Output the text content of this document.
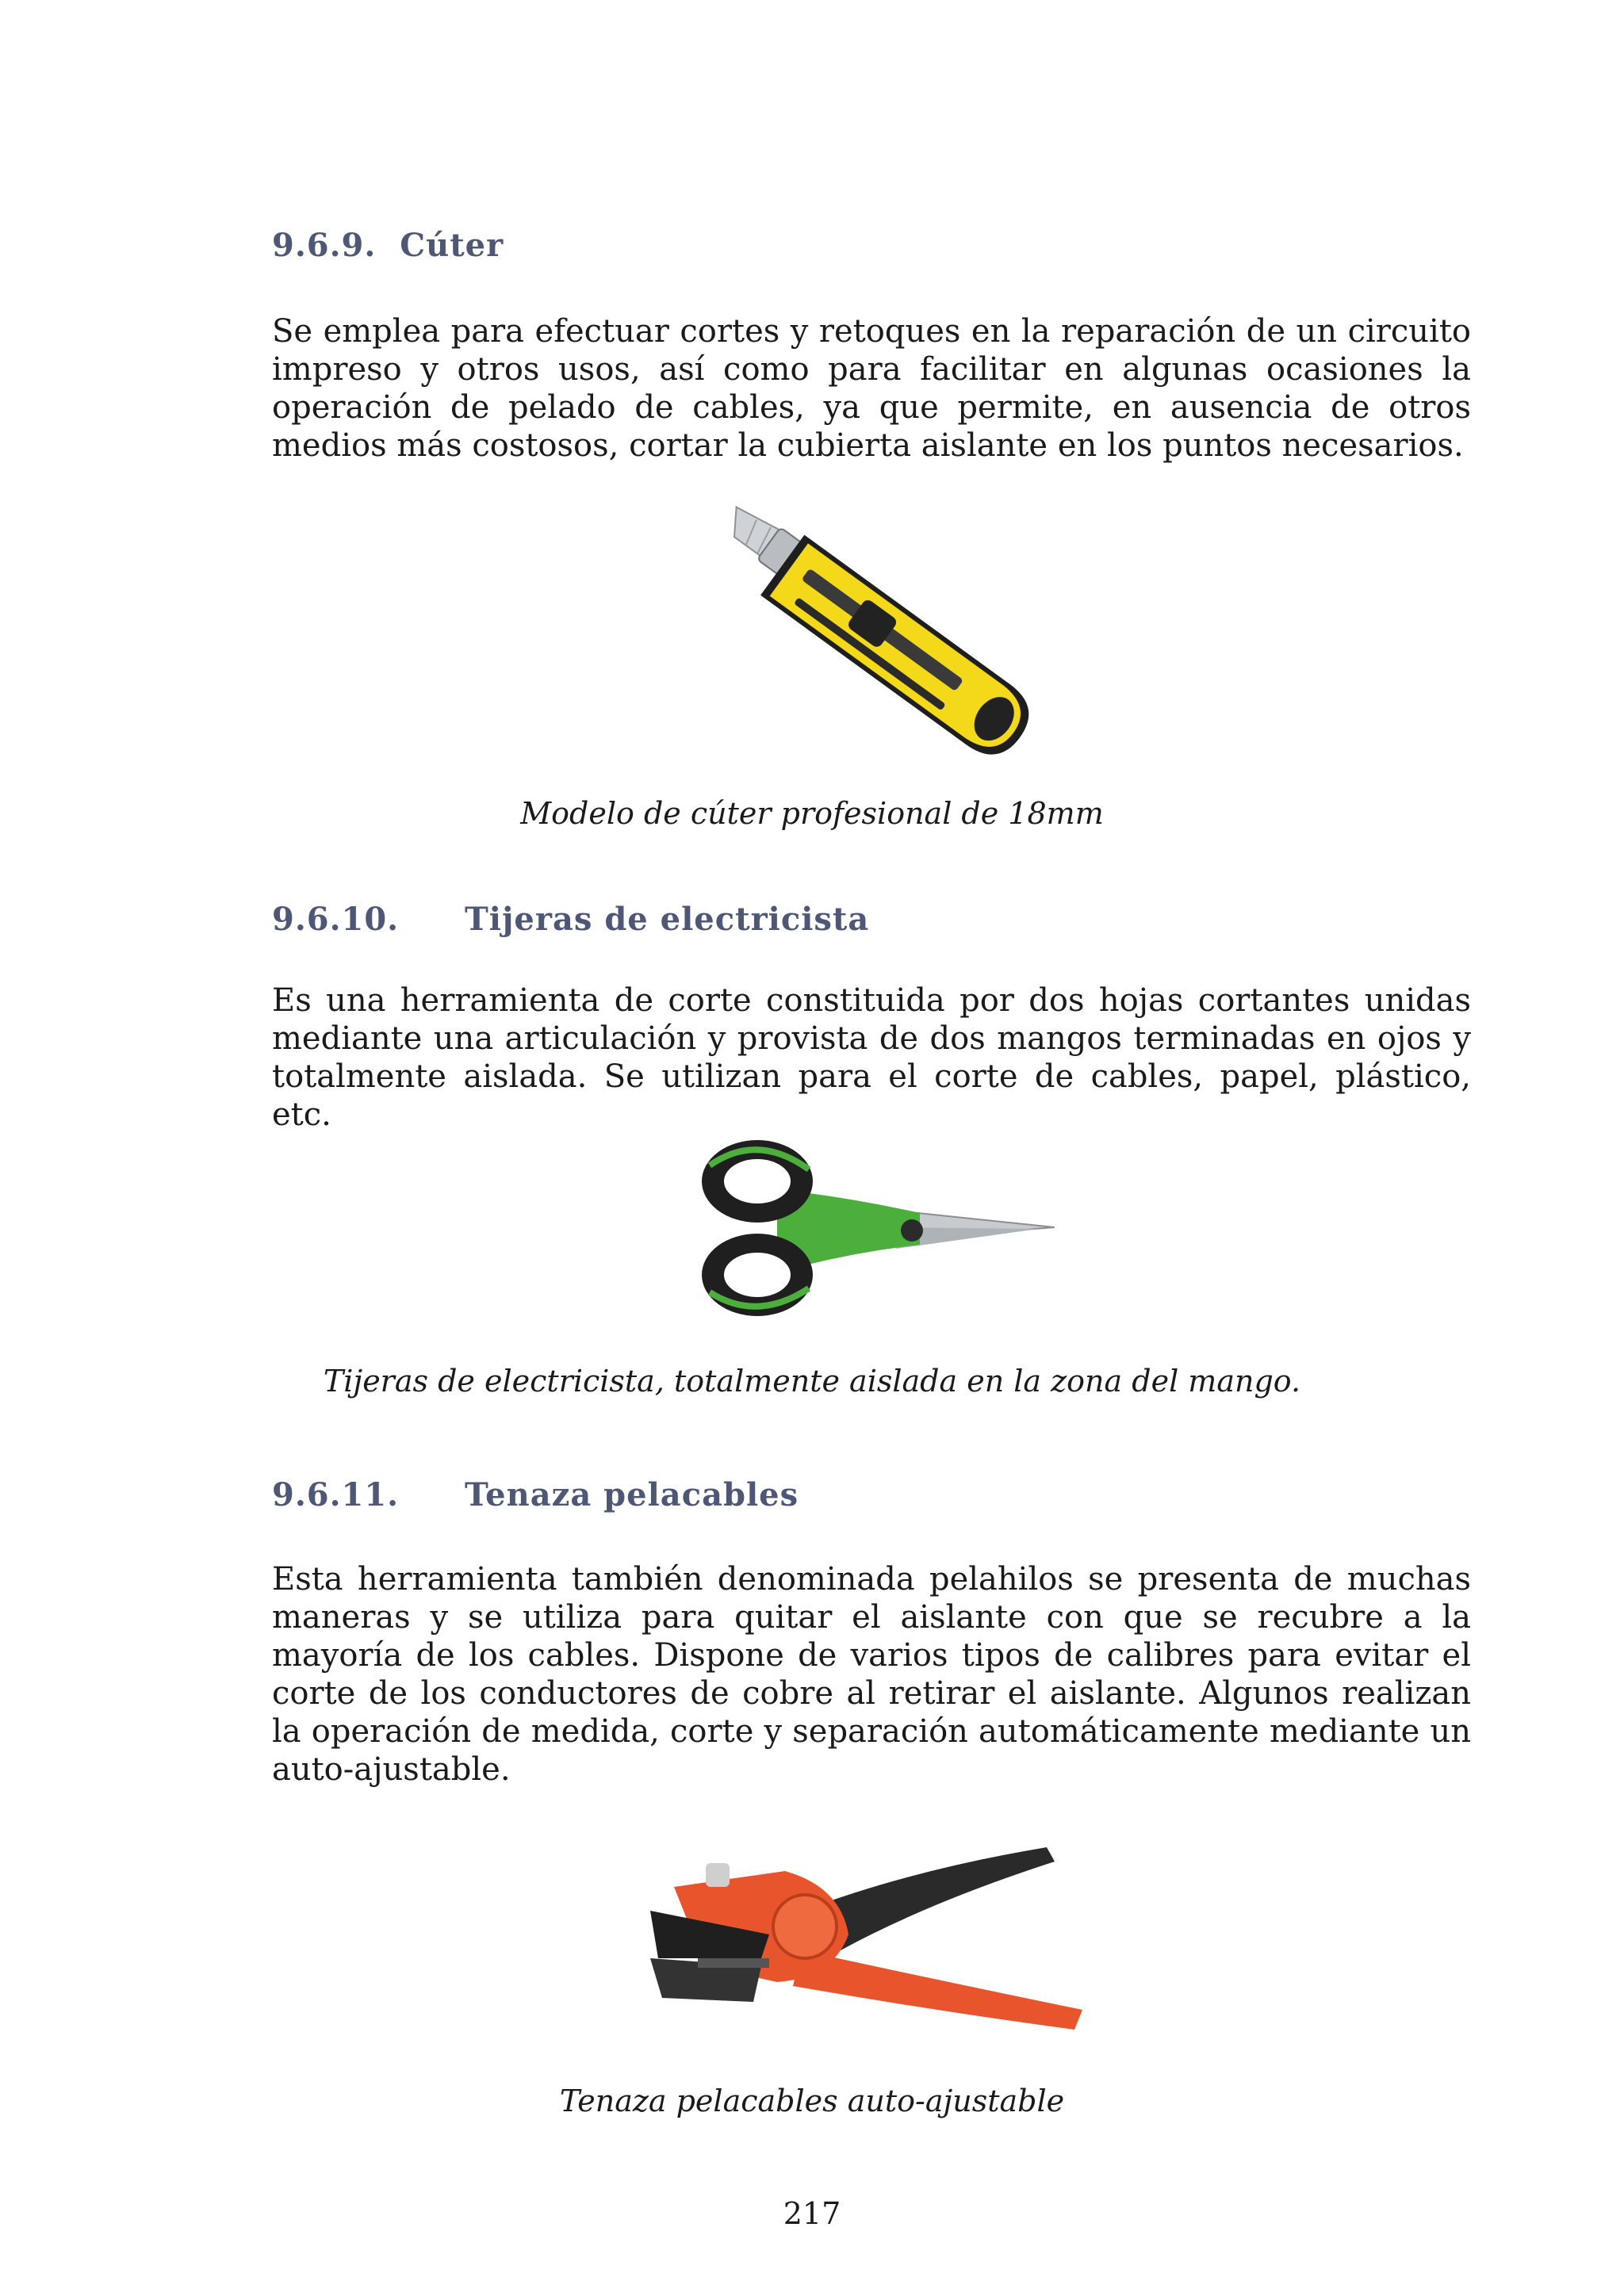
9.6.9. Cúter

Se emplea para efectuar cortes y retoques en la reparación de un circuito impreso y otros usos, así como para facilitar en algunas ocasiones la operación de pelado de cables, ya que permite, en ausencia de otros medios más costosos, cortar la cubierta aislante en los puntos necesarios.

Modelo de cúter profesional de 18mm

9.6.10. Tijeras de electricista

Es una herramienta de corte constituida por dos hojas cortantes unidas mediante una articulación y provista de dos mangos terminadas en ojos y totalmente aislada. Se utilizan para el corte de cables, papel, plástico, etc.

Tijeras de electricista, totalmente aislada en la zona del mango.

9.6.11. Tenaza pelacables

Esta herramienta también denominada pelahilos se presenta de muchas maneras y se utiliza para quitar el aislante con que se recubre a la mayoría de los cables. Dispone de varios tipos de calibres para evitar el corte de los conductores de cobre al retirar el aislante. Algunos realizan la operación de medida, corte y separación automáticamente mediante un auto-ajustable.

Tenaza pelacables auto-ajustable

217
